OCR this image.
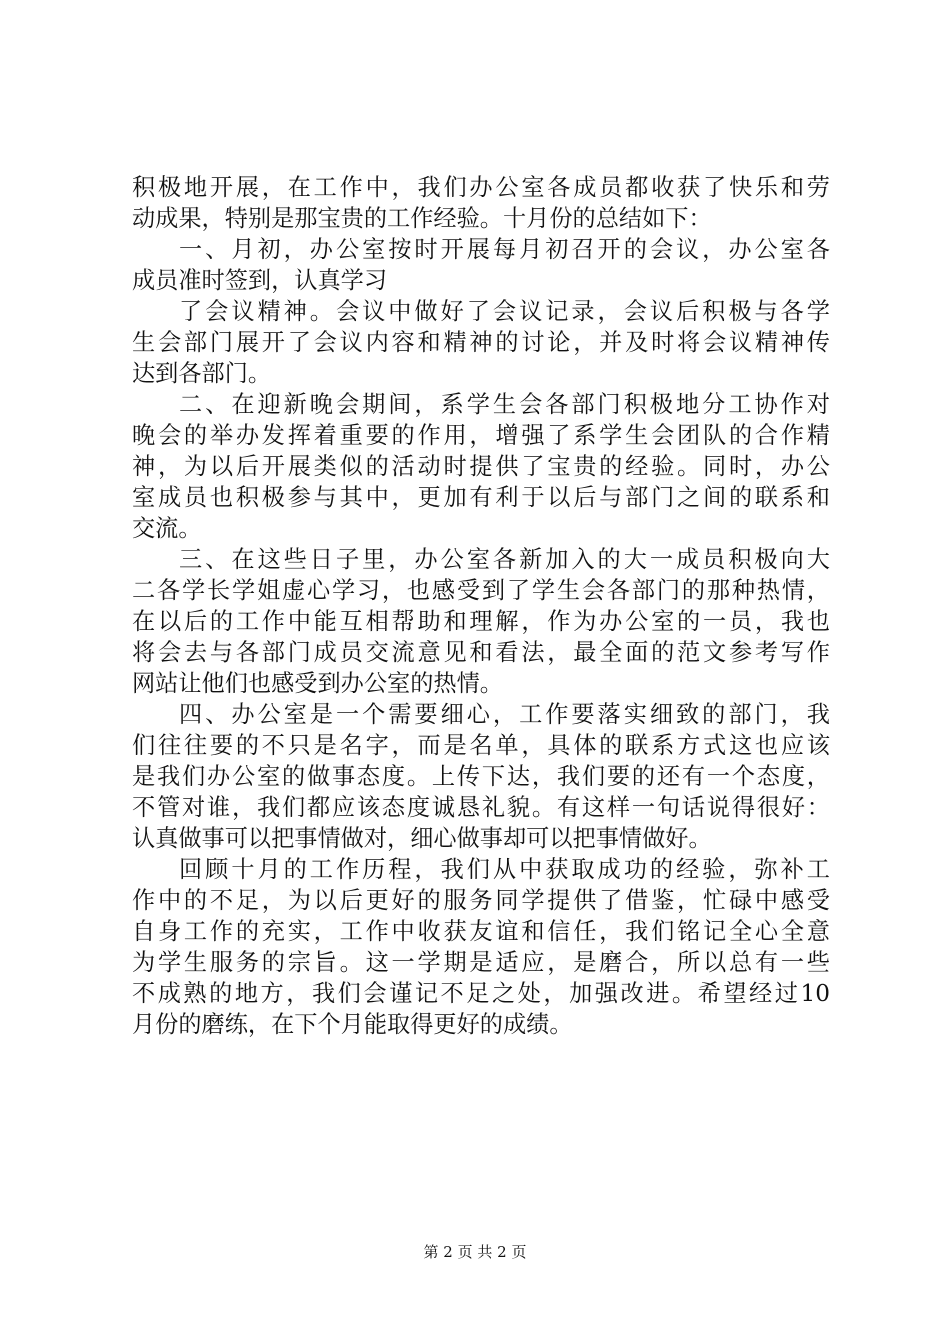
积极地开展，在工作中，我们办公室各成员都收获了快乐和劳
动成果，特别是那宝贵的工作经验。十月份的总结如下：
一、月初，办公室按时开展每月初召开的会议，办公室各
成员准时签到，认真学习
了会议精神。会议中做好了会议记录，会议后积极与各学
生会部门展开了会议内容和精神的讨论，并及时将会议精神传
达到各部门。
二、在迎新晚会期间，系学生会各部门积极地分工协作对
晚会的举办发挥着重要的作用，增强了系学生会团队的合作精
神，为以后开展类似的活动时提供了宝贵的经验。同时，办公
室成员也积极参与其中，更加有利于以后与部门之间的联系和
交流。
三、在这些日子里，办公室各新加入的大一成员积极向大
二各学长学姐虚心学习，也感受到了学生会各部门的那种热情，
在以后的工作中能互相帮助和理解，作为办公室的一员，我也
将会去与各部门成员交流意见和看法，最全面的范文参考写作
网站让他们也感受到办公室的热情。
四、办公室是一个需要细心，工作要落实细致的部门，我
们往往要的不只是名字，而是名单，具体的联系方式这也应该
是我们办公室的做事态度。上传下达，我们要的还有一个态度，
不管对谁，我们都应该态度诚恳礼貌。有这样一句话说得很好：
认真做事可以把事情做对，细心做事却可以把事情做好。
回顾十月的工作历程，我们从中获取成功的经验，弥补工
作中的不足，为以后更好的服务同学提供了借鉴，忙碌中感受
自身工作的充实，工作中收获友谊和信任，我们铭记全心全意
为学生服务的宗旨。这一学期是适应，是磨合，所以总有一些
不成熟的地方，我们会谨记不足之处，加强改进。希望经过10
月份的磨练，在下个月能取得更好的成绩。
第 2 页 共 2 页
